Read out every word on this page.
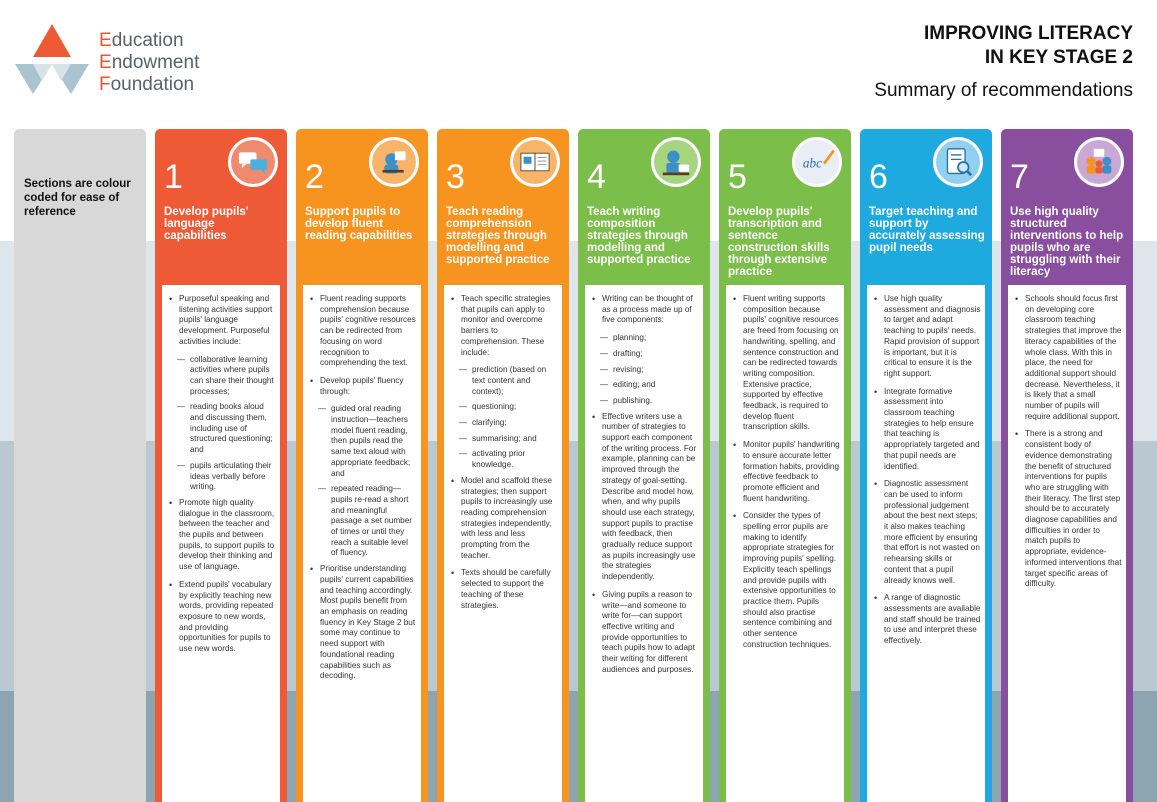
Education
Endowment
Foundation
IMPROVING LITERACY
IN KEY STAGE 2
Summary of recommendations
Sections are colour coded for ease of reference
1
Develop pupils' language capabilities
• Purposeful speaking and listening activities support pupils' language development. Purposeful activities include:
— collaborative learning activities where pupils can share their thought processes;
— reading books aloud and discussing them, including use of structured questioning; and
— pupils articulating their ideas verbally before writing.
• Promote high quality dialogue in the classroom, between the teacher and the pupils and between pupils, to support pupils to develop their thinking and use of language.
• Extend pupils' vocabulary by explicitly teaching new words, providing repeated exposure to new words, and providing opportunities for pupils to use new words.
2
Support pupils to develop fluent reading capabilities
• Fluent reading supports comprehension because pupils' cognitive resources can be redirected from focusing on word recognition to comprehending the text.
• Develop pupils' fluency through:
— guided oral reading instruction—teachers model fluent reading, then pupils read the same text aloud with appropriate feedback; and
— repeated reading—pupils re-read a short and meaningful passage a set number of times or until they reach a suitable level of fluency.
• Prioritise understanding pupils' current capabilities and teaching accordingly. Most pupils benefit from an emphasis on reading fluency in Key Stage 2 but some may continue to need support with foundational reading capabilities such as decoding.
3
Teach reading comprehension strategies through modelling and supported practice
• Teach specific strategies that pupils can apply to monitor and overcome barriers to comprehension. These include:
— prediction (based on text content and context);
— questioning;
— clarifying;
— summarising; and
— activating prior knowledge.
• Model and scaffold these strategies; then support pupils to increasingly use reading comprehension strategies independently, with less and less prompting from the teacher.
• Texts should be carefully selected to support the teaching of these strategies.
4
Teach writing composition strategies through modelling and supported practice
• Writing can be thought of as a process made up of five components:
— planning;
— drafting;
— revising;
— editing; and
— publishing.
• Effective writers use a number of strategies to support each component of the writing process. For example, planning can be improved through the strategy of goal-setting. Describe and model how, when, and why pupils should use each strategy, support pupils to practise with feedback, then gradually reduce support as pupils increasingly use the strategies independently.
• Giving pupils a reason to write—and someone to write for—can support effective writing and provide opportunities to teach pupils how to adapt their writing for different audiences and purposes.
5	abc
Develop pupils' transcription and sentence construction skills through extensive practice
• Fluent writing supports composition because pupils' cognitive resources are freed from focusing on handwriting, spelling, and sentence construction and can be redirected towards writing composition. Extensive practice, supported by effective feedback, is required to develop fluent transcription skills.
• Monitor pupils' handwriting to ensure accurate letter formation habits, providing effective feedback to promote efficient and fluent handwriting.
• Consider the types of spelling error pupils are making to identify appropriate strategies for improving pupils' spelling. Explicitly teach spellings and provide pupils with extensive opportunities to practice them. Pupils should also practise sentence combining and other sentence construction techniques.
6
Target teaching and support by accurately assessing pupil needs
• Use high quality assessment and diagnosis to target and adapt teaching to pupils' needs. Rapid provision of support is important, but it is critical to ensure it is the right support.
• Integrate formative assessment into classroom teaching strategies to help ensure that teaching is appropriately targeted and that pupil needs are identified.
• Diagnostic assessment can be used to inform professional judgement about the best next steps; it also makes teaching more efficient by ensuring that effort is not wasted on rehearsing skills or content that a pupil already knows well.
• A range of diagnostic assessments are available and staff should be trained to use and interpret these effectively.
7
Use high quality structured interventions to help pupils who are struggling with their literacy
• Schools should focus first on developing core classroom teaching strategies that improve the literacy capabilities of the whole class. With this in place, the need for additional support should decrease. Nevertheless, it is likely that a small number of pupils will require additional support.
• There is a strong and consistent body of evidence demonstrating the benefit of structured interventions for pupils who are struggling with their literacy. The first step should be to accurately diagnose capabilities and difficulties in order to match pupils to appropriate, evidence-informed interventions that target specific areas of difficulty.
